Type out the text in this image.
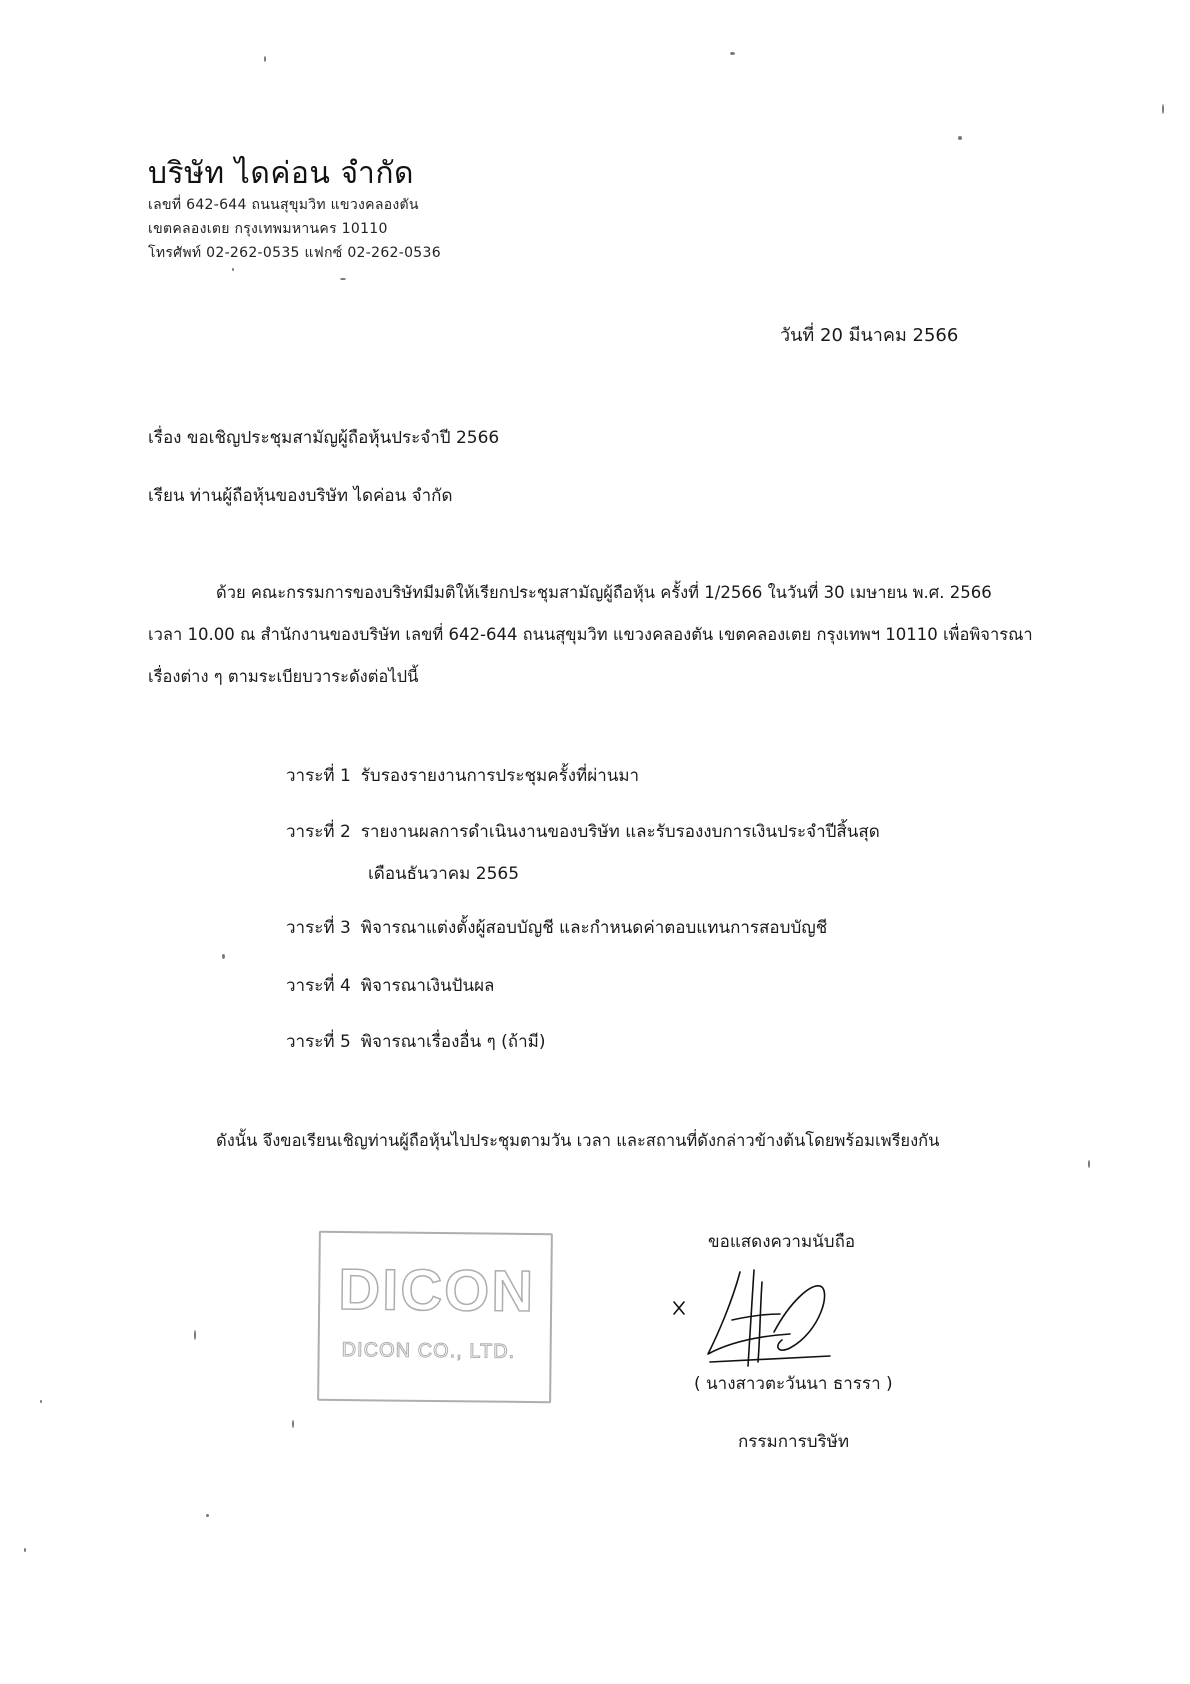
บริษัท ไดค่อน จำกัด
เลขที่ 642-644 ถนนสุขุมวิท แขวงคลองตัน
เขตคลองเตย กรุงเทพมหานคร 10110
โทรศัพท์ 02-262-0535 แฟกซ์ 02-262-0536
วันที่ 20 มีนาคม 2566
เรื่อง ขอเชิญประชุมสามัญผู้ถือหุ้นประจำปี 2566
เรียน ท่านผู้ถือหุ้นของบริษัท ไดค่อน จำกัด
ด้วย คณะกรรมการของบริษัทมีมติให้เรียกประชุมสามัญผู้ถือหุ้น ครั้งที่ 1/2566 ในวันที่ 30 เมษายน พ.ศ. 2566
เวลา 10.00 ณ สำนักงานของบริษัท เลขที่ 642-644 ถนนสุขุมวิท แขวงคลองตัน เขตคลองเตย กรุงเทพฯ 10110 เพื่อพิจารณา
เรื่องต่าง ๆ ตามระเบียบวาระดังต่อไปนี้
วาระที่ 1 รับรองรายงานการประชุมครั้งที่ผ่านมา
วาระที่ 2 รายงานผลการดำเนินงานของบริษัท และรับรองงบการเงินประจำปีสิ้นสุด
เดือนธันวาคม 2565
วาระที่ 3 พิจารณาแต่งตั้งผู้สอบบัญชี และกำหนดค่าตอบแทนการสอบบัญชี
วาระที่ 4 พิจารณาเงินปันผล
วาระที่ 5 พิจารณาเรื่องอื่น ๆ (ถ้ามี)
ดังนั้น จึงขอเรียนเชิญท่านผู้ถือหุ้นไปประชุมตามวัน เวลา และสถานที่ดังกล่าวข้างต้นโดยพร้อมเพรียงกัน
DICON
DICON CO., LTD.
ขอแสดงความนับถือ
( นางสาวตะวันนา ธารรา )
กรรมการบริษัท
